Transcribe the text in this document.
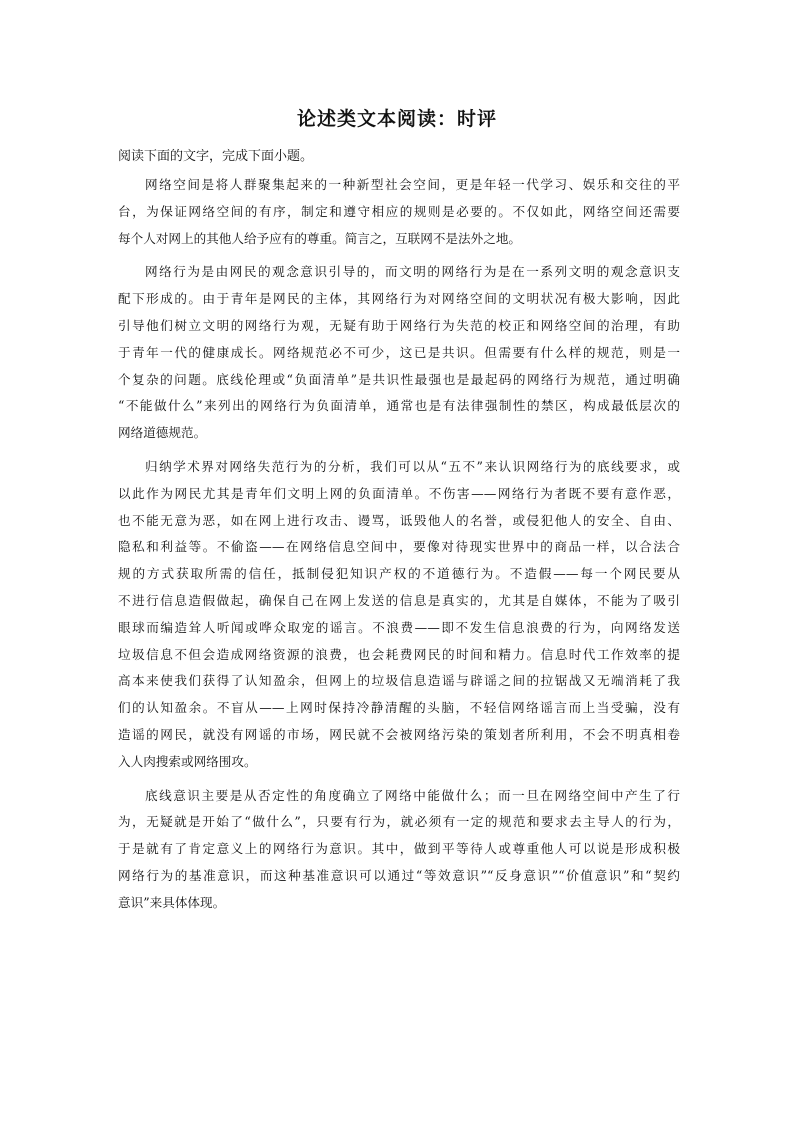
论述类文本阅读：时评
阅读下面的文字，完成下面小题。
网络空间是将人群聚集起来的一种新型社会空间，更是年轻一代学习、娱乐和交往的平
台，为保证网络空间的有序，制定和遵守相应的规则是必要的。不仅如此，网络空间还需要
每个人对网上的其他人给予应有的尊重。简言之，互联网不是法外之地。
网络行为是由网民的观念意识引导的，而文明的网络行为是在一系列文明的观念意识支
配下形成的。由于青年是网民的主体，其网络行为对网络空间的文明状况有极大影响，因此
引导他们树立文明的网络行为观，无疑有助于网络行为失范的校正和网络空间的治理，有助
于青年一代的健康成长。网络规范必不可少，这已是共识。但需要有什么样的规范，则是一
个复杂的问题。底线伦理或“负面清单”是共识性最强也是最起码的网络行为规范，通过明确
“不能做什么”来列出的网络行为负面清单，通常也是有法律强制性的禁区，构成最低层次的
网络道德规范。
归纳学术界对网络失范行为的分析，我们可以从“五不”来认识网络行为的底线要求，或
以此作为网民尤其是青年们文明上网的负面清单。不伤害——网络行为者既不要有意作恶，
也不能无意为恶，如在网上进行攻击、谩骂，诋毁他人的名誉，或侵犯他人的安全、自由、
隐私和利益等。不偷盗——在网络信息空间中，要像对待现实世界中的商品一样，以合法合
规的方式获取所需的信任，抵制侵犯知识产权的不道德行为。不造假——每一个网民要从
不进行信息造假做起，确保自己在网上发送的信息是真实的，尤其是自媒体，不能为了吸引
眼球而编造耸人听闻或哗众取宠的谣言。不浪费——即不发生信息浪费的行为，向网络发送
垃圾信息不但会造成网络资源的浪费，也会耗费网民的时间和精力。信息时代工作效率的提
高本来使我们获得了认知盈余，但网上的垃圾信息造谣与辟谣之间的拉锯战又无端消耗了我
们的认知盈余。不盲从——上网时保持冷静清醒的头脑，不轻信网络谣言而上当受骗，没有
造谣的网民，就没有网谣的市场，网民就不会被网络污染的策划者所利用，不会不明真相卷
入人肉搜索或网络围攻。
底线意识主要是从否定性的角度确立了网络中能做什么；而一旦在网络空间中产生了行
为，无疑就是开始了“做什么”，只要有行为，就必须有一定的规范和要求去主导人的行为，
于是就有了肯定意义上的网络行为意识。其中，做到平等待人或尊重他人可以说是形成积极
网络行为的基准意识，而这种基准意识可以通过“等效意识”“反身意识”“价值意识”和“契约
意识”来具体体现。
